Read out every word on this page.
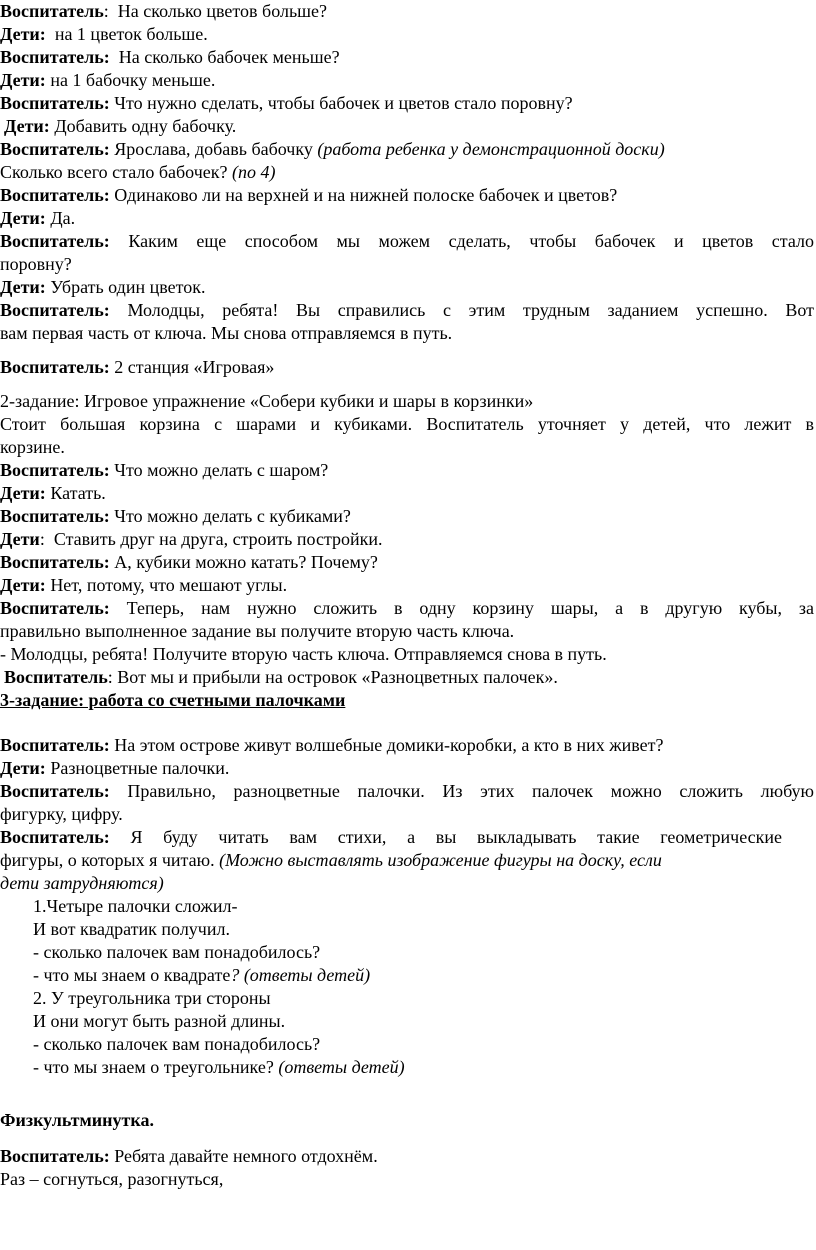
Воспитатель:  На сколько цветов больше?
Дети: на 1 цветок больше.
Воспитатель: На сколько бабочек меньше?
Дети: на 1 бабочку меньше.
Воспитатель: Что нужно сделать, чтобы бабочек и цветов стало поровну?
Дети: Добавить одну бабочку.
Воспитатель: Ярослава, добавь бабочку (работа ребенка у демонстрационной доски)
Сколько всего стало бабочек? (по 4)
Воспитатель: Одинаково ли на верхней и на нижней полоске бабочек и цветов?
Дети: Да.
Воспитатель: Каким еще способом мы можем сделать, чтобы бабочек и цветов стало
поровну?
Дети: Убрать один цветок.
Воспитатель: Молодцы, ребята! Вы справились с этим трудным заданием успешно. Вот
вам первая часть от ключа. Мы снова отправляемся в путь.
Воспитатель: 2 станция «Игровая»
2-задание: Игровое упражнение «Собери кубики и шары в корзинки»
Стоит большая корзина с шарами и кубиками. Воспитатель уточняет у детей, что лежит в
корзине.
Воспитатель: Что можно делать с шаром?
Дети: Катать.
Воспитатель: Что можно делать с кубиками?
Дети:  Ставить друг на друга, строить постройки.
Воспитатель: А, кубики можно катать? Почему?
Дети: Нет, потому, что мешают углы.
Воспитатель: Теперь, нам нужно сложить в одну корзину шары, а в другую кубы, за
правильно выполненное задание вы получите вторую часть ключа.
- Молодцы, ребята! Получите вторую часть ключа. Отправляемся снова в путь.
Воспитатель: Вот мы и прибыли на островок «Разноцветных палочек».
3-задание: работа со счетными палочками
Воспитатель: На этом острове живут волшебные домики-коробки, а кто в них живет?
Дети: Разноцветные палочки.
Воспитатель: Правильно, разноцветные палочки. Из этих палочек можно сложить любую
фигурку, цифру.
Воспитатель: Я буду читать вам стихи, а вы выкладывать такие геометрические
фигуры, о которых я читаю. (Можно выставлять изображение фигуры на доску, если
дети затрудняются)
1.Четыре палочки сложил-
И вот квадратик получил.
- сколько палочек вам понадобилось?
- что мы знаем о квадрате? (ответы детей)
2. У треугольника три стороны
И они могут быть разной длины.
- сколько палочек вам понадобилось?
- что мы знаем о треугольнике? (ответы детей)
Физкультминутка.
Воспитатель: Ребята давайте немного отдохнём.
Раз – согнуться, разогнуться,
